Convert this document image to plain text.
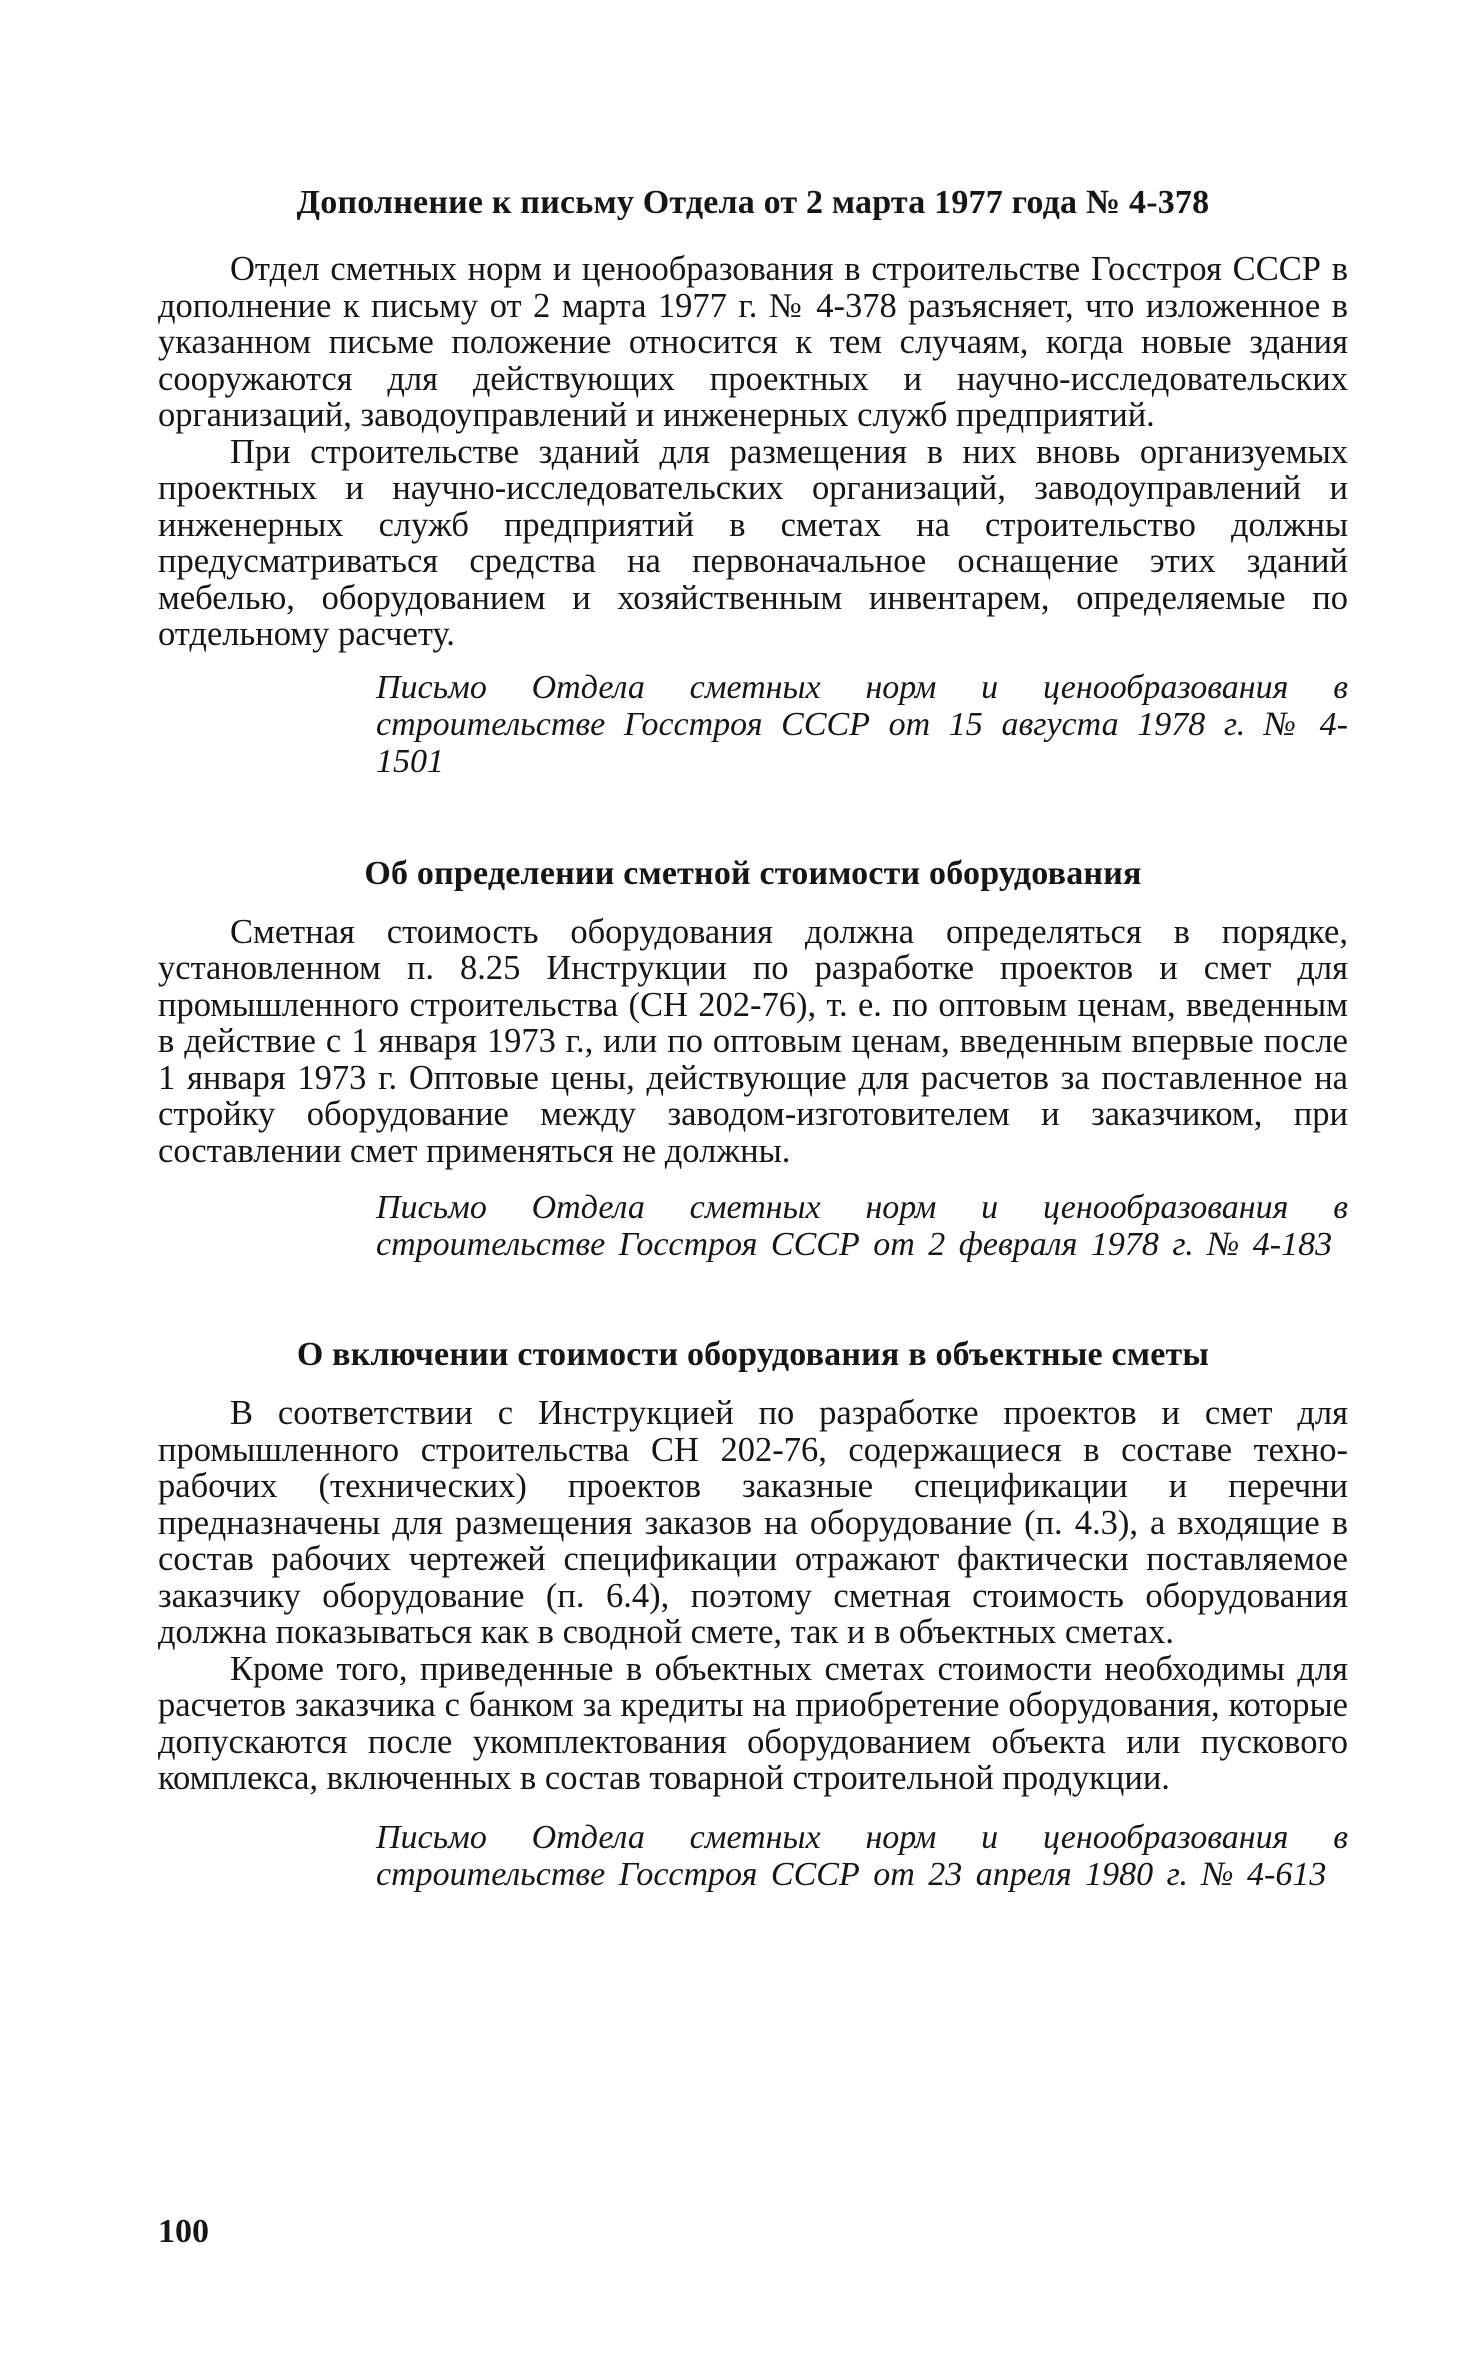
Дополнение к письму Отдела от 2 марта 1977 года № 4-378

Отдел сметных норм и ценообразования в строительстве Госстроя СССР в дополнение к письму от 2 марта 1977 г. № 4-378 разъясняет, что изложенное в указанном письме положение относится к тем случаям, когда новые здания сооружаются для действующих проектных и научно-исследовательских организаций, заводоуправлений и инженерных служб предприятий.

При строительстве зданий для размещения в них вновь организуемых проектных и научно-исследовательских организаций, заводоуправлений и инженерных служб предприятий в сметах на строительство должны предусматриваться средства на первоначальное оснащение этих зданий мебелью, оборудованием и хозяйственным инвентарем, определяемые по отдельному расчету.

Письмо Отдела сметных норм и ценообразования в строительстве Госстроя СССР от 15 августа 1978 г. № 4-1501

Об определении сметной стоимости оборудования

Сметная стоимость оборудования должна определяться в порядке, установленном п. 8.25 Инструкции по разработке проектов и смет для промышленного строительства (СН 202-76), т. е. по оптовым ценам, введенным в действие с 1 января 1973 г., или по оптовым ценам, введенным впервые после 1 января 1973 г. Оптовые цены, действующие для расчетов за поставленное на стройку оборудование между заводом-изготовителем и заказчиком, при составлении смет применяться не должны.

Письмо Отдела сметных норм и ценообразования в строительстве Госстроя СССР от 2 февраля 1978 г. № 4-183

О включении стоимости оборудования в объектные сметы

В соответствии с Инструкцией по разработке проектов и смет для промышленного строительства СН 202-76, содержащиеся в составе техно-рабочих (технических) проектов заказные спецификации и перечни предназначены для размещения заказов на оборудование (п. 4.3), а входящие в состав рабочих чертежей спецификации отражают фактически поставляемое заказчику оборудование (п. 6.4), поэтому сметная стоимость оборудования должна показываться как в сводной смете, так и в объектных сметах.

Кроме того, приведенные в объектных сметах стоимости необходимы для расчетов заказчика с банком за кредиты на приобретение оборудования, которые допускаются после укомплектования оборудованием объекта или пускового комплекса, включенных в состав товарной строительной продукции.

Письмо Отдела сметных норм и ценообразования в строительстве Госстроя СССР от 23 апреля 1980 г. № 4-613

100
